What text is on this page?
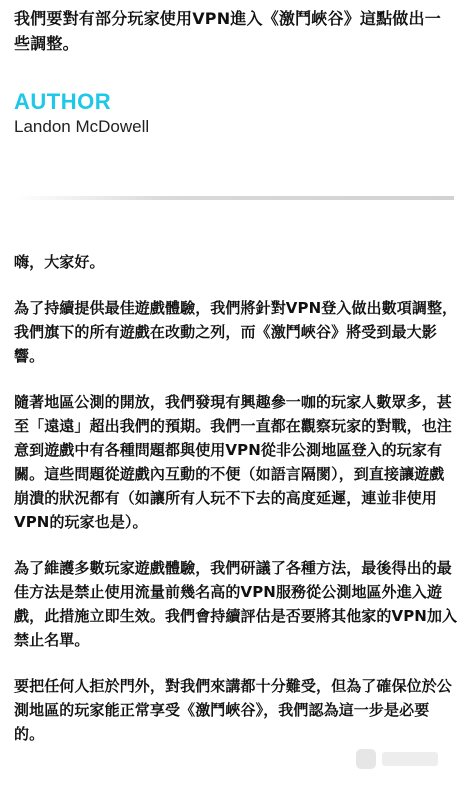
我們要對有部分玩家使用VPN進入《激鬥峽谷》這點做出一些調整。
AUTHOR
Landon McDowell

嗨，大家好。

為了持續提供最佳遊戲體驗，我們將針對VPN登入做出數項調整，我們旗下的所有遊戲在改動之列，而《激鬥峽谷》將受到最大影響。

隨著地區公測的開放，我們發現有興趣參一咖的玩家人數眾多，甚至「遠遠」超出我們的預期。我們一直都在觀察玩家的對戰，也注意到遊戲中有各種問題都與使用VPN從非公測地區登入的玩家有關。這些問題從遊戲內互動的不便（如語言隔閡），到直接讓遊戲崩潰的狀況都有（如讓所有人玩不下去的高度延遲，連並非使用VPN的玩家也是）。

為了維護多數玩家遊戲體驗，我們研議了各種方法，最後得出的最佳方法是禁止使用流量前幾名高的VPN服務從公測地區外進入遊戲，此措施立即生效。我們會持續評估是否要將其他家的VPN加入禁止名單。

要把任何人拒於門外，對我們來講都十分難受，但為了確保位於公測地區的玩家能正常享受《激鬥峽谷》，我們認為這一步是必要的。
